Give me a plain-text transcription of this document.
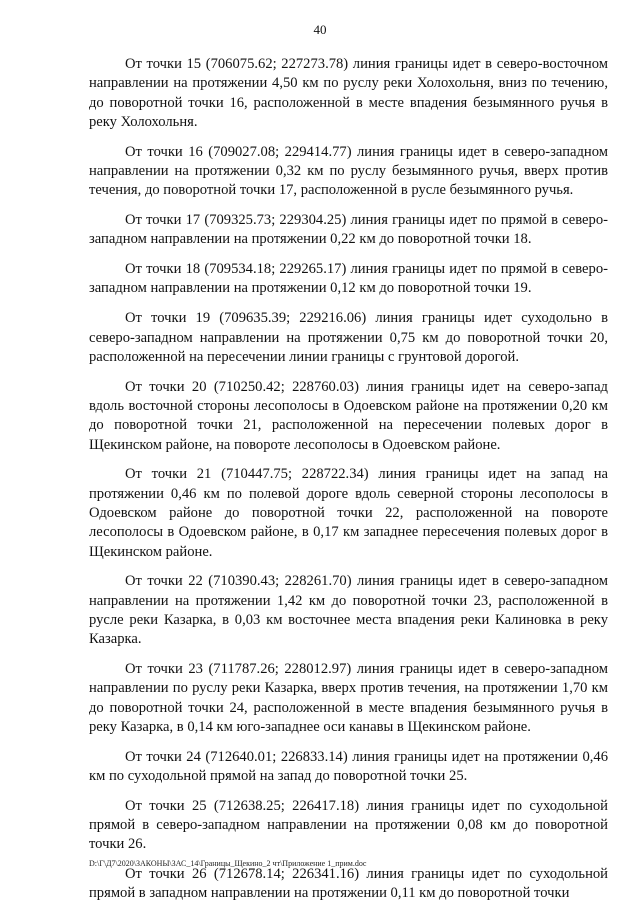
40

От точки 15 (706075.62; 227273.78) линия границы идет в северо-восточном направлении на протяжении 4,50 км по руслу реки Холохольня, вниз по течению, до поворотной точки 16, расположенной в месте впадения безымянного ручья в реку Холохольня.

От точки 16 (709027.08; 229414.77) линия границы идет в северо-западном направлении на протяжении 0,32 км по руслу безымянного ручья, вверх против течения, до поворотной точки 17, расположенной в русле безымянного ручья.

От точки 17 (709325.73; 229304.25) линия границы идет по прямой в северо-западном направлении на протяжении 0,22 км до поворотной точки 18.

От точки 18 (709534.18; 229265.17) линия границы идет по прямой в северо-западном направлении на протяжении 0,12 км до поворотной точки 19.

От точки 19 (709635.39; 229216.06) линия границы идет суходольно в северо-западном направлении на протяжении 0,75 км до поворотной точки 20, расположенной на пересечении линии границы с грунтовой дорогой.

От точки 20 (710250.42; 228760.03) линия границы идет на северо-запад вдоль восточной стороны лесополосы в Одоевском районе на протяжении 0,20 км до поворотной точки 21, расположенной на пересечении полевых дорог в Щекинском районе, на повороте лесополосы в Одоевском районе.

От точки 21 (710447.75; 228722.34) линия границы идет на запад на протяжении 0,46 км по полевой дороге вдоль северной стороны лесополосы в Одоевском районе до поворотной точки 22, расположенной на повороте лесополосы в Одоевском районе, в 0,17 км западнее пересечения полевых дорог в Щекинском районе.

От точки 22 (710390.43; 228261.70) линия границы идет в северо-западном направлении на протяжении 1,42 км до поворотной точки 23, расположенной в русле реки Казарка, в 0,03 км восточнее места впадения реки Калиновка в реку Казарка.

От точки 23 (711787.26; 228012.97) линия границы идет в северо-западном направлении по руслу реки Казарка, вверх против течения, на протяжении 1,70 км до поворотной точки 24, расположенной в месте впадения безымянного ручья в реку Казарка, в 0,14 км юго-западнее оси канавы в Щекинском районе.

От точки 24 (712640.01; 226833.14) линия границы идет на протяжении 0,46 км по суходольной прямой на запад до поворотной точки 25.

От точки 25 (712638.25; 226417.18) линия границы идет по суходольной прямой в северо-западном направлении на протяжении 0,08 км до поворотной точки 26.

От точки 26 (712678.14; 226341.16) линия границы идет по суходольной прямой в западном направлении на протяжении 0,11 км до поворотной точки

D:\Г\Д7\2020\ЗАКОНЫ\ЗАС_14\Границы_Щекино_2 чт\Приложение 1_прим.doc
